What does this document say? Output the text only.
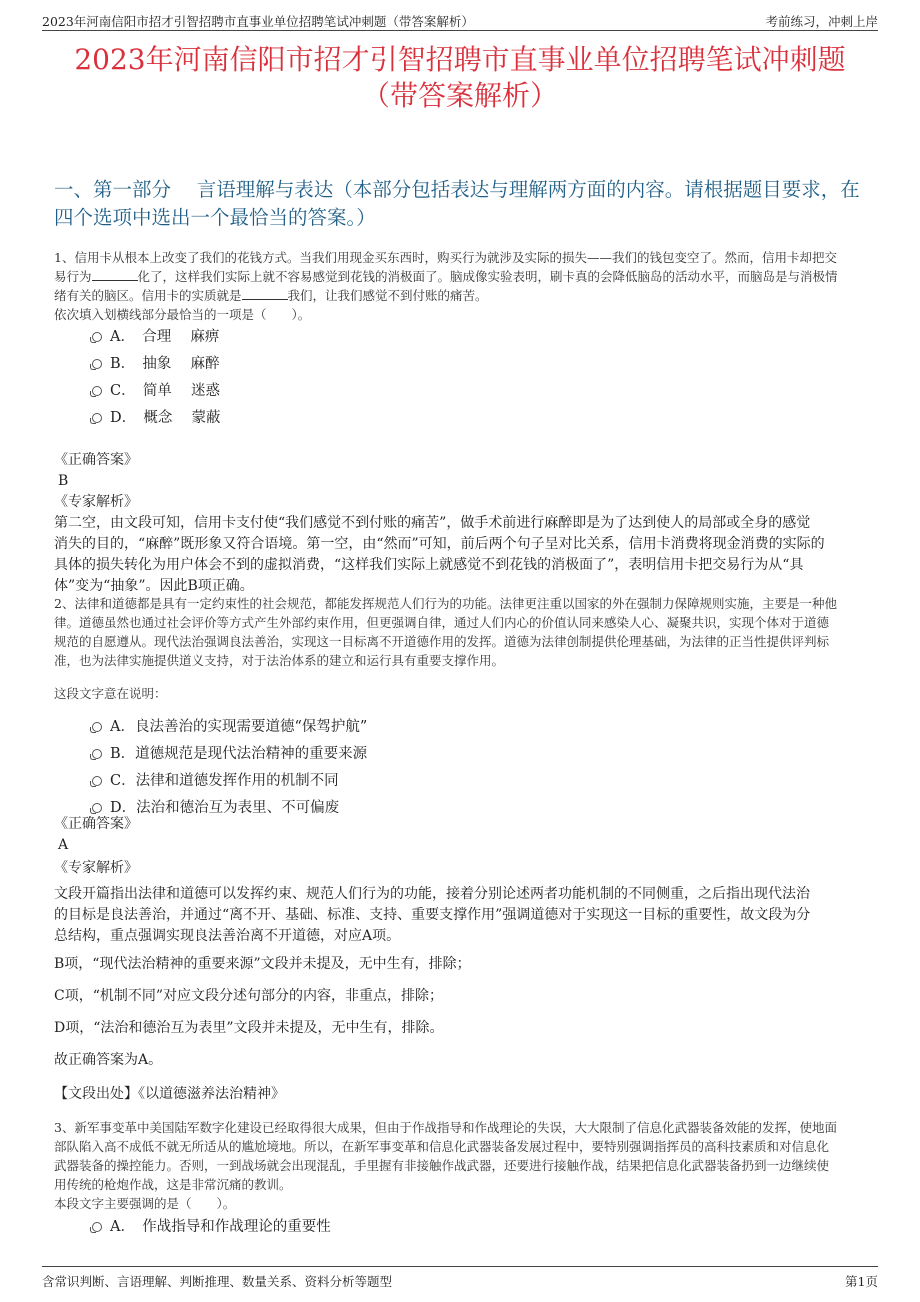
2023年河南信阳市招才引智招聘市直事业单位招聘笔试冲刺题（带答案解析）	考前练习，冲刺上岸
2023年河南信阳市招才引智招聘市直事业单位招聘笔试冲刺题
（带答案解析）
一、第一部分　 言语理解与表达（本部分包括表达与理解两方面的内容。请根据题目要求，在四个选项中选出一个最恰当的答案。）

1、信用卡从根本上改变了我们的花钱方式。当我们用现金买东西时，购买行为就涉及实际的损失——我们的钱包变空了。然而，信用卡却把交

易行为	化了，这样我们实际上就不容易感觉到花钱的消极面了。脑成像实验表明，刷卡真的会降低脑岛的活动水平，而脑岛是与消极情

绪有关的脑区。信用卡的实质就是	我们，让我们感觉不到付账的痛苦。

依次填入划横线部分最恰当的一项是（　　）。

A．　合理　 麻痹
B．　抽象　 麻醉
C．　简单　 迷惑
D．　概念　 蒙蔽

《正确答案》

B

《专家解析》

第二空，由文段可知，信用卡支付使“我们感觉不到付账的痛苦”，做手术前进行麻醉即是为了达到使人的局部或全身的感觉

消失的目的，“麻醉”既形象又符合语境。第一空，由“然而”可知，前后两个句子呈对比关系，信用卡消费将现金消费的实际的

具体的损失转化为用户体会不到的虚拟消费，“这样我们实际上就感觉不到花钱的消极面了”，表明信用卡把交易行为从“具

体”变为“抽象”。因此B项正确。

2、法律和道德都是具有一定约束性的社会规范，都能发挥规范人们行为的功能。法律更注重以国家的外在强制力保障规则实施，主要是一种他

律。道德虽然也通过社会评价等方式产生外部约束作用，但更强调自律，通过人们内心的价值认同来感染人心、凝聚共识，实现个体对于道德

规范的自愿遵从。现代法治强调良法善治，实现这一目标离不开道德作用的发挥。道德为法律创制提供伦理基础，为法律的正当性提供评判标

准，也为法律实施提供道义支持，对于法治体系的建立和运行具有重要支撑作用。

这段文字意在说明：
A．良法善治的实现需要道德“保驾护航”
B．道德规范是现代法治精神的重要来源
C．法律和道德发挥作用的机制不同
D．法治和德治互为表里、不可偏废

《正确答案》

A

《专家解析》

文段开篇指出法律和道德可以发挥约束、规范人们行为的功能，接着分别论述两者功能机制的不同侧重，之后指出现代法治

的目标是良法善治，并通过“离不开、基础、标准、支持、重要支撑作用”强调道德对于实现这一目标的重要性，故文段为分

总结构，重点强调实现良法善治离不开道德，对应A项。

B项，“现代法治精神的重要来源”文段并未提及，无中生有，排除；
C项，“机制不同”对应文段分述句部分的内容，非重点，排除；
D项，“法治和德治互为表里”文段并未提及，无中生有，排除。
故正确答案为A。
【文段出处】《以道德滋养法治精神》

3、新军事变革中美国陆军数字化建设已经取得很大成果，但由于作战指导和作战理论的失误，大大限制了信息化武器装备效能的发挥，使地面

部队陷入高不成低不就无所适从的尴尬境地。所以，在新军事变革和信息化武器装备发展过程中，要特别强调指挥员的高科技素质和对信息化

武器装备的操控能力。否则，一到战场就会出现混乱，手里握有非接触作战武器，还要进行接触作战，结果把信息化武器装备扔到一边继续使

用传统的枪炮作战，这是非常沉痛的教训。

本段文字主要强调的是（　　）。

A．　作战指导和作战理论的重要性
含常识判断、言语理解、判断推理、数量关系、资料分析等题型	第1页
